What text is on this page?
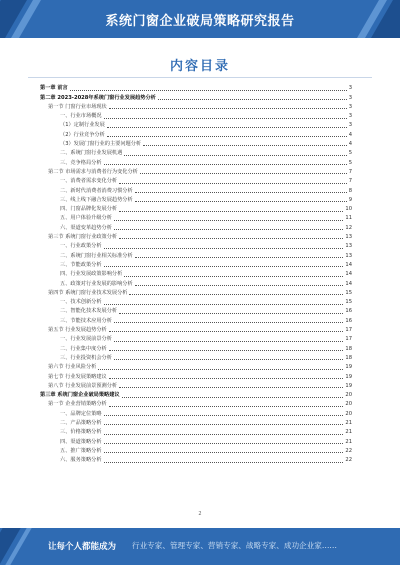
系统门窗企业破局策略研究报告
内容目录
第一章 前言	3
第二章 2023-2028年系统门窗行业发展趋势分析	3
第一节 门窗行业市场现状	3
一、行业市场概况	3
（1）定制行业发展	3
（2）行业竞争分析	4
（3）发展门窗行业的主要问题分析	4
二、系统门窗行业发展机遇	5
三、竞争格局分析	5
第二节 市场需求与消费者行为变化分析	7
一、消费者需求变化分析	7
二、新时代消费者消费习惯分析	8
三、线上线下融合发展趋势分析	9
四、门窗品牌化发展分析	10
五、用户体验升级分析	11
六、渠道变革趋势分析	12
第三节 系统门窗行业政策分析	13
一、行业政策分析	13
二、系统门窗行业相关标准分析	13
三、节能政策分析	14
四、行业发展政策影响分析	14
五、政策对行业发展的影响分析	14
第四节 系统门窗行业技术发展分析	15
一、技术创新分析	15
二、智能化技术发展分析	16
三、节能技术应用分析	16
第五节 行业发展趋势分析	17
一、行业发展前景分析	17
二、行业集中度分析	18
三、行业投资机会分析	18
第六节 行业风险分析	19
第七节 行业发展策略建议	19
第八节 行业发展前景预测分析	19
第三章 系统门窗企业破局策略建议	20
第一节 企业营销策略分析	20
一、品牌定位策略	20
二、产品策略分析	21
三、价格策略分析	21
四、渠道策略分析	21
五、推广策略分析	22
六、服务策略分析	22
2
让每个人都能成为 行业专家、管理专家、营销专家、战略专家、成功企业家……
